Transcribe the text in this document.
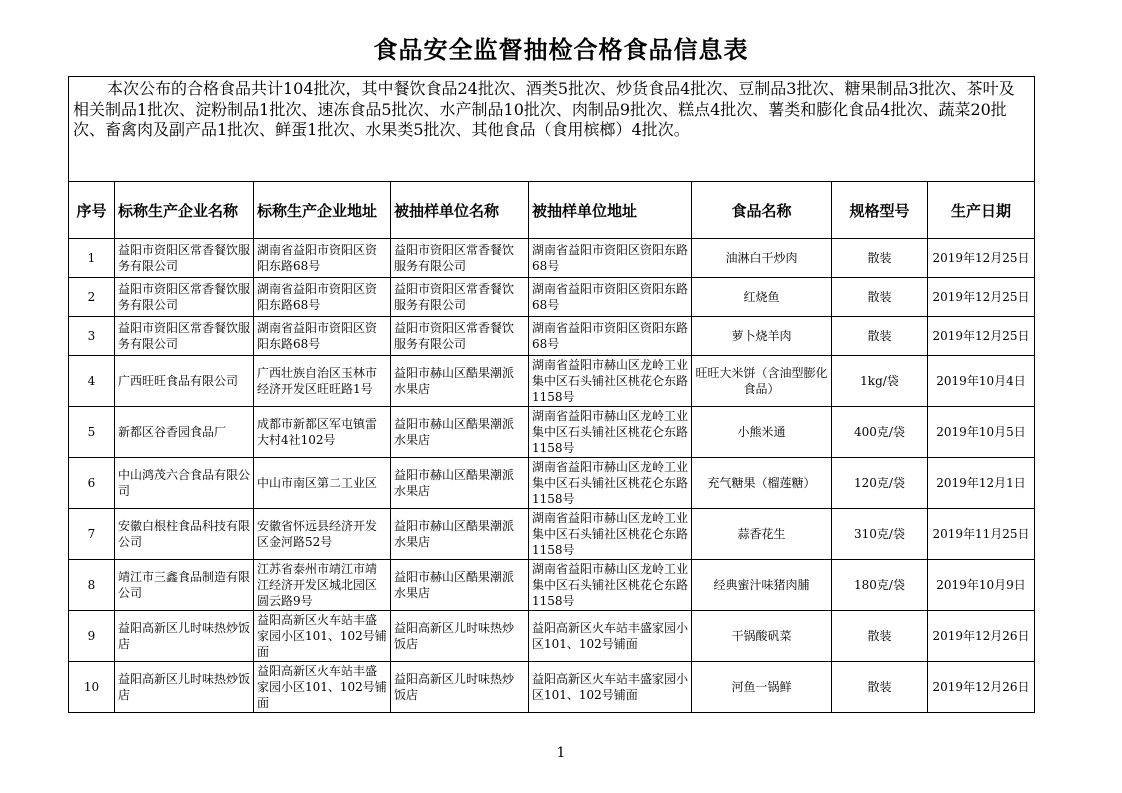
食品安全监督抽检合格食品信息表
本次公布的合格食品共计104批次，其中餐饮食品24批次、酒类5批次、炒货食品4批次、豆制品3批次、糖果制品3批次、茶叶及相关制品1批次、淀粉制品1批次、速冻食品5批次、水产制品10批次、肉制品9批次、糕点4批次、薯类和膨化食品4批次、蔬菜20批次、畜禽肉及副产品1批次、鲜蛋1批次、水果类5批次、其他食品（食用槟榔）4批次。							

序号	标称生产企业名称	标称生产企业地址	被抽样单位名称	被抽样单位地址	食品名称	规格型号	生产日期
1	益阳市资阳区常香餐饮服务有限公司	湖南省益阳市资阳区资阳东路68号	益阳市资阳区常香餐饮服务有限公司	湖南省益阳市资阳区资阳东路68号	油淋白干炒肉	散装	2019年12月25日
2	益阳市资阳区常香餐饮服务有限公司	湖南省益阳市资阳区资阳东路68号	益阳市资阳区常香餐饮服务有限公司	湖南省益阳市资阳区资阳东路68号	红烧鱼	散装	2019年12月25日
3	益阳市资阳区常香餐饮服务有限公司	湖南省益阳市资阳区资阳东路68号	益阳市资阳区常香餐饮服务有限公司	湖南省益阳市资阳区资阳东路68号	萝卜烧羊肉	散装	2019年12月25日
4	广西旺旺食品有限公司	广西壮族自治区玉林市经济开发区旺旺路1号	益阳市赫山区酷果潮派水果店	湖南省益阳市赫山区龙岭工业集中区石头铺社区桃花仑东路1158号	旺旺大米饼（含油型膨化食品）	1kg/袋	2019年10月4日
5	新都区谷香园食品厂	成都市新都区军屯镇雷大村4社102号	益阳市赫山区酷果潮派水果店	湖南省益阳市赫山区龙岭工业集中区石头铺社区桃花仑东路1158号	小熊米通	400克/袋	2019年10月5日
6	中山鸿茂六合食品有限公司	中山市南区第二工业区	益阳市赫山区酷果潮派水果店	湖南省益阳市赫山区龙岭工业集中区石头铺社区桃花仑东路1158号	充气糖果（榴莲糖）	120克/袋	2019年12月1日
7	安徽白根柱食品科技有限公司	安徽省怀远县经济开发区金河路52号	益阳市赫山区酷果潮派水果店	湖南省益阳市赫山区龙岭工业集中区石头铺社区桃花仑东路1158号	蒜香花生	310克/袋	2019年11月25日
8	靖江市三鑫食品制造有限公司	江苏省泰州市靖江市靖江经济开发区城北园区圆云路9号	益阳市赫山区酷果潮派水果店	湖南省益阳市赫山区龙岭工业集中区石头铺社区桃花仑东路1158号	经典蜜汁味猪肉脯	180克/袋	2019年10月9日
9	益阳高新区儿时味热炒饭店	益阳高新区火车站丰盛家园小区101、102号铺面	益阳高新区儿时味热炒饭店	益阳高新区火车站丰盛家园小区101、102号铺面	干锅酸矾菜	散装	2019年12月26日
10	益阳高新区儿时味热炒饭店	益阳高新区火车站丰盛家园小区101、102号铺面	益阳高新区儿时味热炒饭店	益阳高新区火车站丰盛家园小区101、102号铺面	河鱼一锅鲜	散装	2019年12月26日
1
